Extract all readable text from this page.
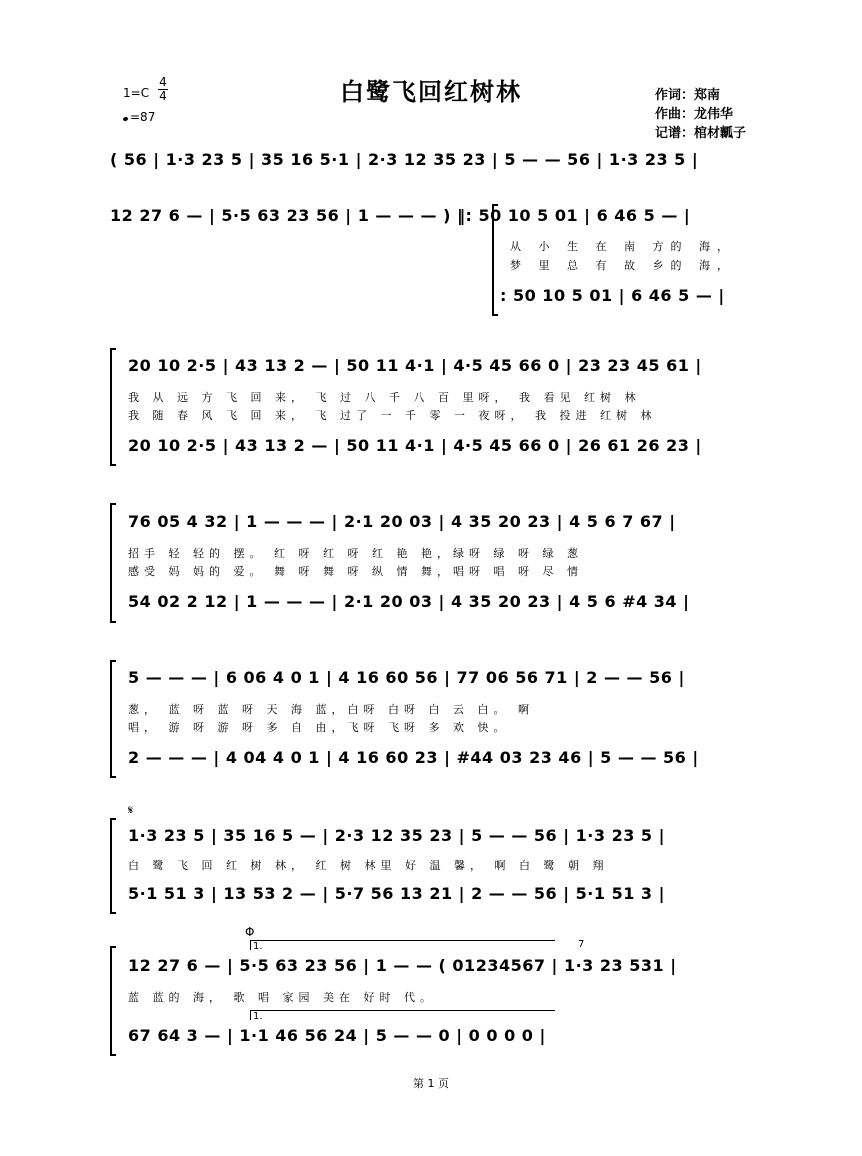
白鹭飞回红树林
1=C
4
4
=87
作词：郑南
作曲：龙伟华
记谱：棺材瓤子
( 56 | 1·3 23 5 | 35 16 5·1 | 2·3 12 35 23 | 5 — — 56 | 1·3 23 5 |
12 27 6 — | 5·5 63 23 56 | 1 — — — ) ‖: 50 10 5 01 | 6 46 5 — |
从 小 生 在 南 方的 海，
梦 里 总 有 故 乡的 海，
: 50 10 5 01 | 6 46 5 — |
20 10 2·5 | 43 13 2 — | 50 11 4·1 | 4·5 45 66 0 | 23 23 45 61 |
我 从 远 方 飞 回 来， 飞 过 八 千 八 百 里呀， 我 看见 红树 林
我 随 春 风 飞 回 来， 飞 过了 一 千 零 一 夜呀， 我 投进 红树 林
20 10 2·5 | 43 13 2 — | 50 11 4·1 | 4·5 45 66 0 | 26 61 26 23 |
76 05 4 32 | 1 — — — | 2·1 20 03 | 4 35 20 23 | 4 5 6 7 67 |
招手 轻 轻的 摆。 红 呀 红 呀 红 艳 艳，绿呀 绿 呀 绿 葱
感受 妈 妈的 爱。 舞 呀 舞 呀 纵 情 舞，唱呀 唱 呀 尽 情
54 02 2 12 | 1 — — — | 2·1 20 03 | 4 35 20 23 | 4 5 6 #4 34 |
5 — — — | 6 06 4 0 1 | 4 16 60 56 | 77 06 56 71 | 2 — — 56 |
葱， 蓝 呀 蓝 呀 天 海 蓝，白呀 白呀 白 云 白。 啊
唱， 游 呀 游 呀 多 自 由，飞呀 飞呀 多 欢 快。
2 — — — | 4 04 4 0 1 | 4 16 60 23 | #44 03 23 46 | 5 — — 56 |
𝄋
1·3 23 5 | 35 16 5 — | 2·3 12 35 23 | 5 — — 56 | 1·3 23 5 |
白 鹭 飞 回 红 树 林， 红 树 林里 好 温 馨， 啊 白 鹭 朝 翔
5·1 51 3 | 13 53 2 — | 5·7 56 13 21 | 2 — — 56 | 5·1 51 3 |
Φ
1.	7
12 27 6 — | 5·5 63 23 56 | 1 — — ( 01234567 | 1·3 23 531 |
蓝 蓝的 海， 歌 唱 家园 美在 好时 代。
1.
67 64 3 — | 1·1 46 56 24 | 5 — — 0 | 0 0 0 0 |
第 1 页
